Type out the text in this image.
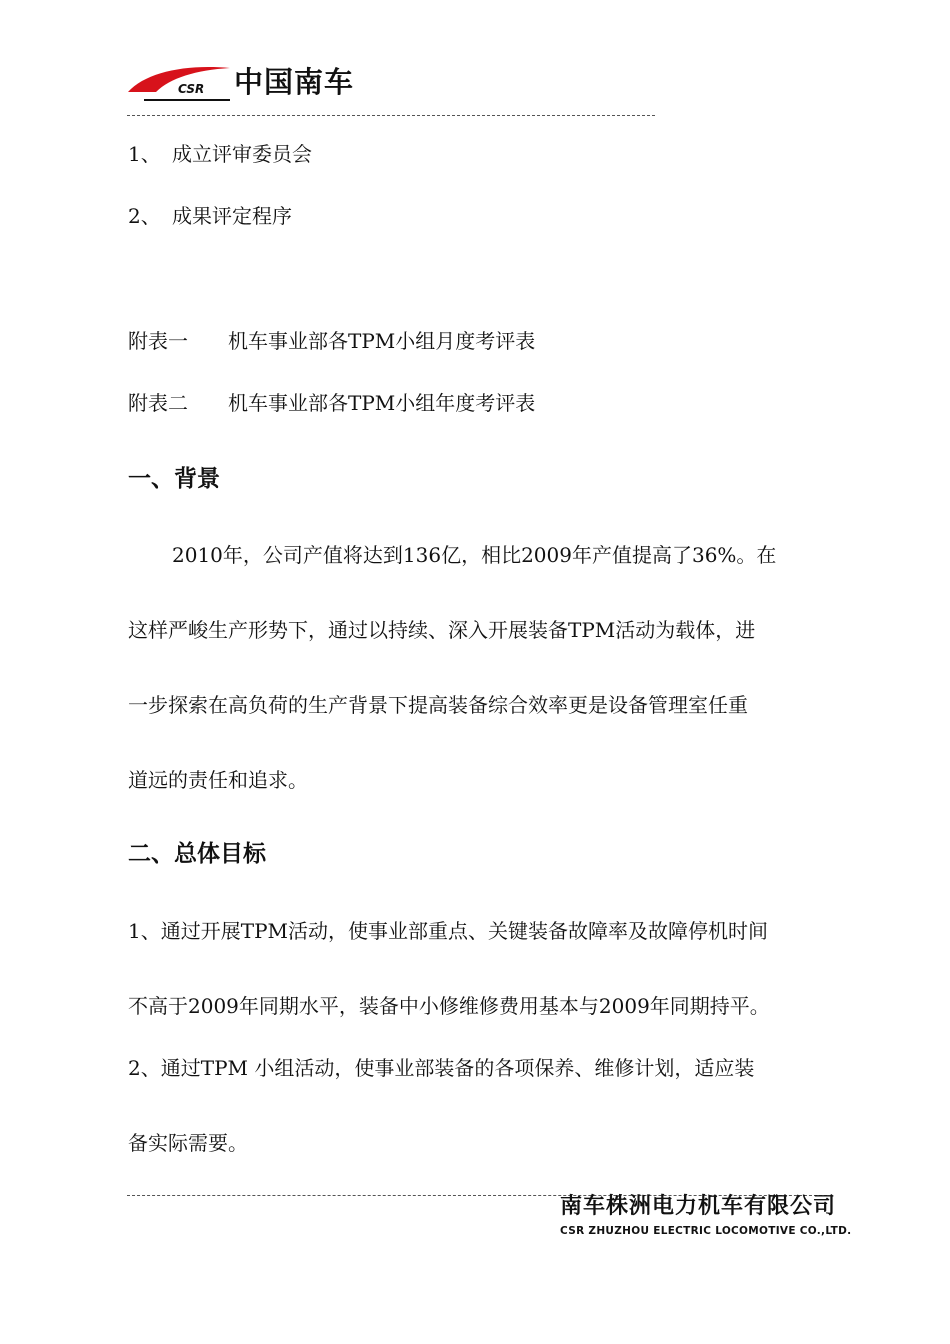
CSR 中国南车
1、 成立评审委员会
2、 成果评定程序
附表一 机车事业部各TPM小组月度考评表
附表二 机车事业部各TPM小组年度考评表
一、背景
2010年，公司产值将达到136亿，相比2009年产值提高了36%。在
这样严峻生产形势下，通过以持续、深入开展装备TPM活动为载体，进
一步探索在高负荷的生产背景下提高装备综合效率更是设备管理室任重
道远的责任和追求。
二、总体目标
1、通过开展TPM活动，使事业部重点、关键装备故障率及故障停机时间
不高于2009年同期水平，装备中小修维修费用基本与2009年同期持平。
2、通过TPM 小组活动，使事业部装备的各项保养、维修计划，适应装
备实际需要。
南车株洲电力机车有限公司
CSR ZHUZHOU ELECTRIC LOCOMOTIVE CO.,LTD.
